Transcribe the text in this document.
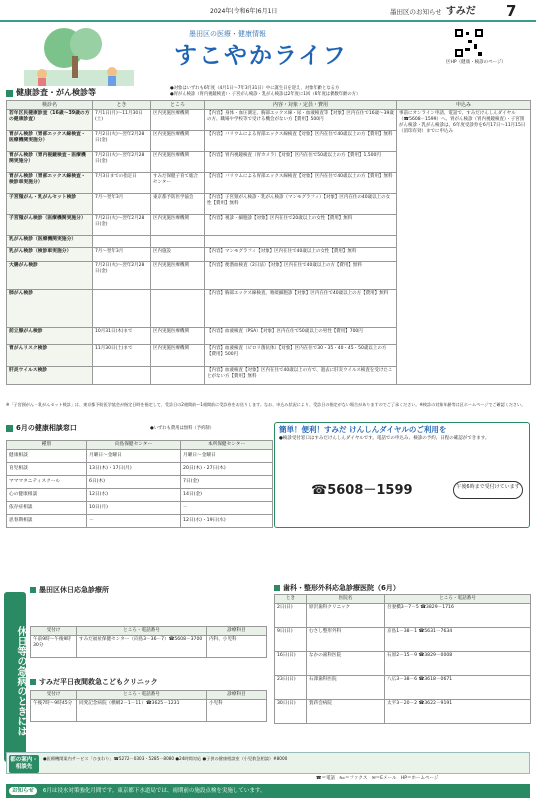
2024年(令和6年)6月1日	墨田区のお知らせ すみだ 7
墨田区の医療・健康情報
すこやかライフ	区HP（健康・検診のページ）
健康診査・がん検診等	●対象はいずれも6年度（4月1日～7年3月31日）中に誕生日を迎え、対象年齢となる方
●胃がん検診（胃内視鏡検査）・子宮がん検診・乳がん検診は2年度に1回（6年度は偶数年齢の方）
検診名	とき	ところ	内容・対象・定員・費用	申込み
若年区民健康診査（16歳～39歳の方の健康診査）	7月1日(月)～11月30日(土)	区内実施医療機関	【内容】身体・血圧測定、胸部エックス線・尿・血液検査等【対象】区内在住で16歳～39歳の方、職場や学校等で受ける機会がない方【費用】500円	事前にオンライン申請、電話で、すみだけんしんダイヤル（☎5608－1599）へ。胃がん検診（胃内視鏡検査）・子宮頸がん検診・乳がん検診は、6年度受診券を6月17日～11月15日（消印有効）までに申込み
胃がん検診（胃部エックス線検査・医療機関実施分）	7月2日(火)～翌年2月28日(金)	区内実施医療機関	【内容】バリウムによる胃部エックス線検査【対象】区内在住で40歳以上の方【費用】無料	
胃がん検診（胃内視鏡検査・医療機関実施分）	7月2日(火)～翌年2月28日(金)	区内実施医療機関	【内容】胃内視鏡検査（胃カメラ）【対象】区内在住で50歳以上の方【費用】1,500円	
胃がん検診（胃部エックス線検査・検診車実施分）	7月3日までの指定日	すみだ保健子育て総合センター	【内容】バリウムによる胃部エックス線検査【対象】区内在住で40歳以上の方【費用】無料	
子宮頸がん・乳がんセット検診	7月～翌年3月	東京都予防医学協会	【内容】子宮頸がん検診・乳がん検診（マンモグラフィ）【対象】区内在住の40歳以上の女性【費用】無料	
子宮頸がん検診（医療機関実施分）	7月2日(火)～翌年2月28日(金)	区内実施医療機関	【内容】視診・細胞診【対象】区内在住で20歳以上の女性【費用】無料	
乳がん検診（医療機関実施分）				
乳がん検診（検診車実施分）	7月～翌年3月	区内施設	【内容】マンモグラフィ【対象】区内在住で40歳以上の女性【費用】無料	
大腸がん検診	7月2日(火)～翌年2月28日(金)	区内実施医療機関	【内容】便潜血検査（2日法）【対象】区内在住で40歳以上の方【費用】無料	
肺がん検診			【内容】胸部エックス線検査、喀痰細胞診【対象】区内在住で40歳以上の方【費用】無料	
前立腺がん検診	10月31日(木)まで	区内実施医療機関	【内容】血液検査（PSA）【対象】区内在住で50歳以上の男性【費用】700円	
胃がんリスク検診	11月30日(土)まで	区内実施医療機関	【内容】血液検査（ピロリ菌抗体）【対象】区内在住で30・35・40・45・50歳以上の方【費用】500円	
肝炎ウイルス検診			【内容】血液検査【対象】区内在住で40歳以上の方で、過去に肝炎ウイルス検査を受けたことがない方【費用】無料	
※「子宮頸がん・乳がんセット検診」は、東京都予防医学協会が指定日時を指定して、受診日の2週間前～1週間前に受診券をお送りします。なお、申込み状況により、受診日の指定がない場合がありますのでご了承ください。※検診の対象年齢等は区ホームページでご確認ください。
6月の健康相談窓口	●いずれも費用は無料（予約制）
種別	向島保健センター	本所保健センター
健康相談	月曜日～金曜日	月曜日～金曜日
育児相談	13日(木)・17日(月)	20日(木)・27日(木)
マママタニティスクール	6日(木)	7日(金)
心の健康相談	12日(水)	14日(金)
依存症相談	10日(月)	－
思春期相談	－	12日(水)・19日(水)
簡単！便利！すみだ けんしんダイヤルのご利用を
●検診受付窓口はすみだけんしんダイヤルです。電話での申込み、検診の予約、日程の確認ができます。
☎5608－1599	午後6時まで受付けています
休日等の急病のときには
墨田区休日応急診療所
受付け	ところ・電話番号	診療科目
午前9時～午後9時30分	すみだ福祉保健センター（向島3－36－7）☎5608－3700	内科、小児科
すみだ平日夜間救急こどもクリニック
受付け	ところ・電話番号	診療科目
午後7時～9時45分	同愛記念病院（横網2－1－11）☎3625－1231	小児科
歯科・整形外科応急診療医院（6月）
とき	医院名	ところ・電話番号
2日(日)	原沢歯科クリニック	吾妻橋3－7－5 ☎3829－1716
9日(日)	むさし整形外科	京島1－38－1 ☎5631－7634
16日(日)	なかの歯科医院	石原2－15－9 ☎3829－0008
23日(日)	石澤歯科医院	八広3－38－6 ☎3618－0671
30日(日)	賀蒋会病院	太平3－20－2 ☎3622－9191
都の案内・相談先
●医療機関案内サービス「ひまわり」☎5272－0303・5285－8080 ●24時間対応 ●子供の健康相談室（小児救急相談）#8000
☎＝電話　℻＝ファクス　✉＝Eメール　HP＝ホームページ
お知らせ	6月は浸水対策強化月間です。東京都下水道局では、雨期前の施設点検を実施しています。
